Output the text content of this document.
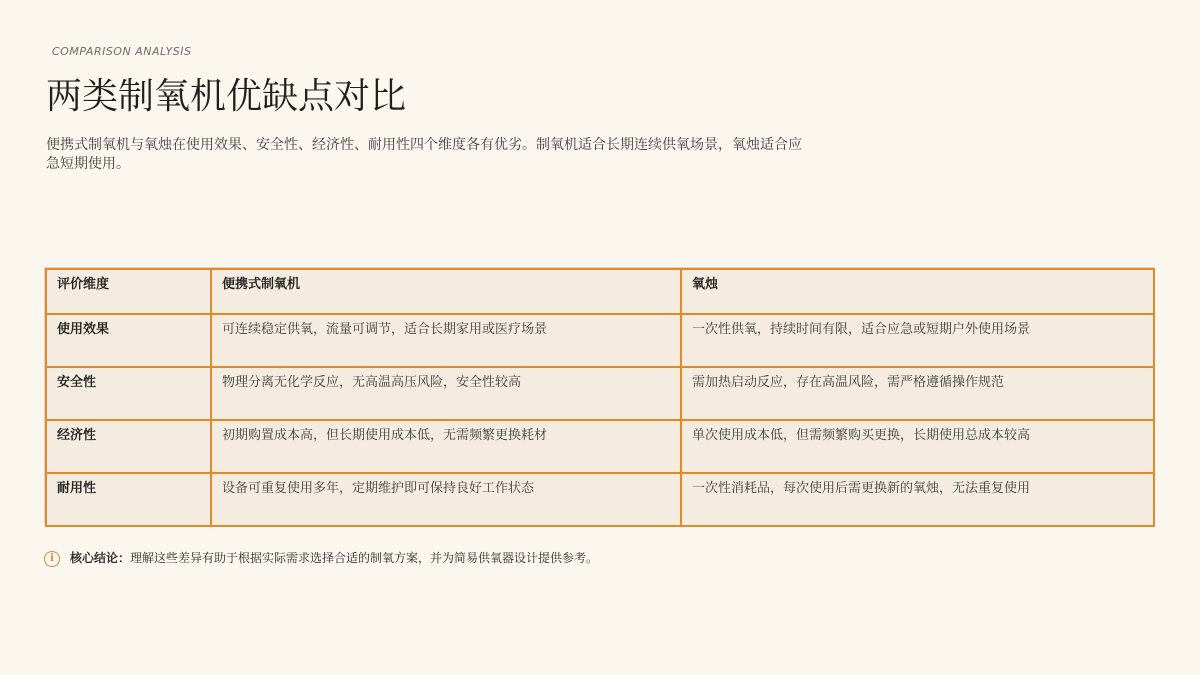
COMPARISON ANALYSIS
两类制氧机优缺点对比

便携式制氧机与氧烛在使用效果、安全性、经济性、耐用性四个维度各有优劣。制氧机适合长期连续供氧场景，氧烛适合应急短期使用。

评价维度	便携式制氧机	氧烛
使用效果	可连续稳定供氧，流量可调节，适合长期家用或医疗场景	一次性供氧，持续时间有限，适合应急或短期户外使用场景
安全性	物理分离无化学反应，无高温高压风险，安全性较高	需加热启动反应，存在高温风险，需严格遵循操作规范
经济性	初期购置成本高，但长期使用成本低，无需频繁更换耗材	单次使用成本低，但需频繁购买更换，长期使用总成本较高
耐用性	设备可重复使用多年，定期维护即可保持良好工作状态	一次性消耗品，每次使用后需更换新的氧烛，无法重复使用
i	核心结论： 理解这些差异有助于根据实际需求选择合适的制氧方案，并为简易供氧器设计提供参考。
